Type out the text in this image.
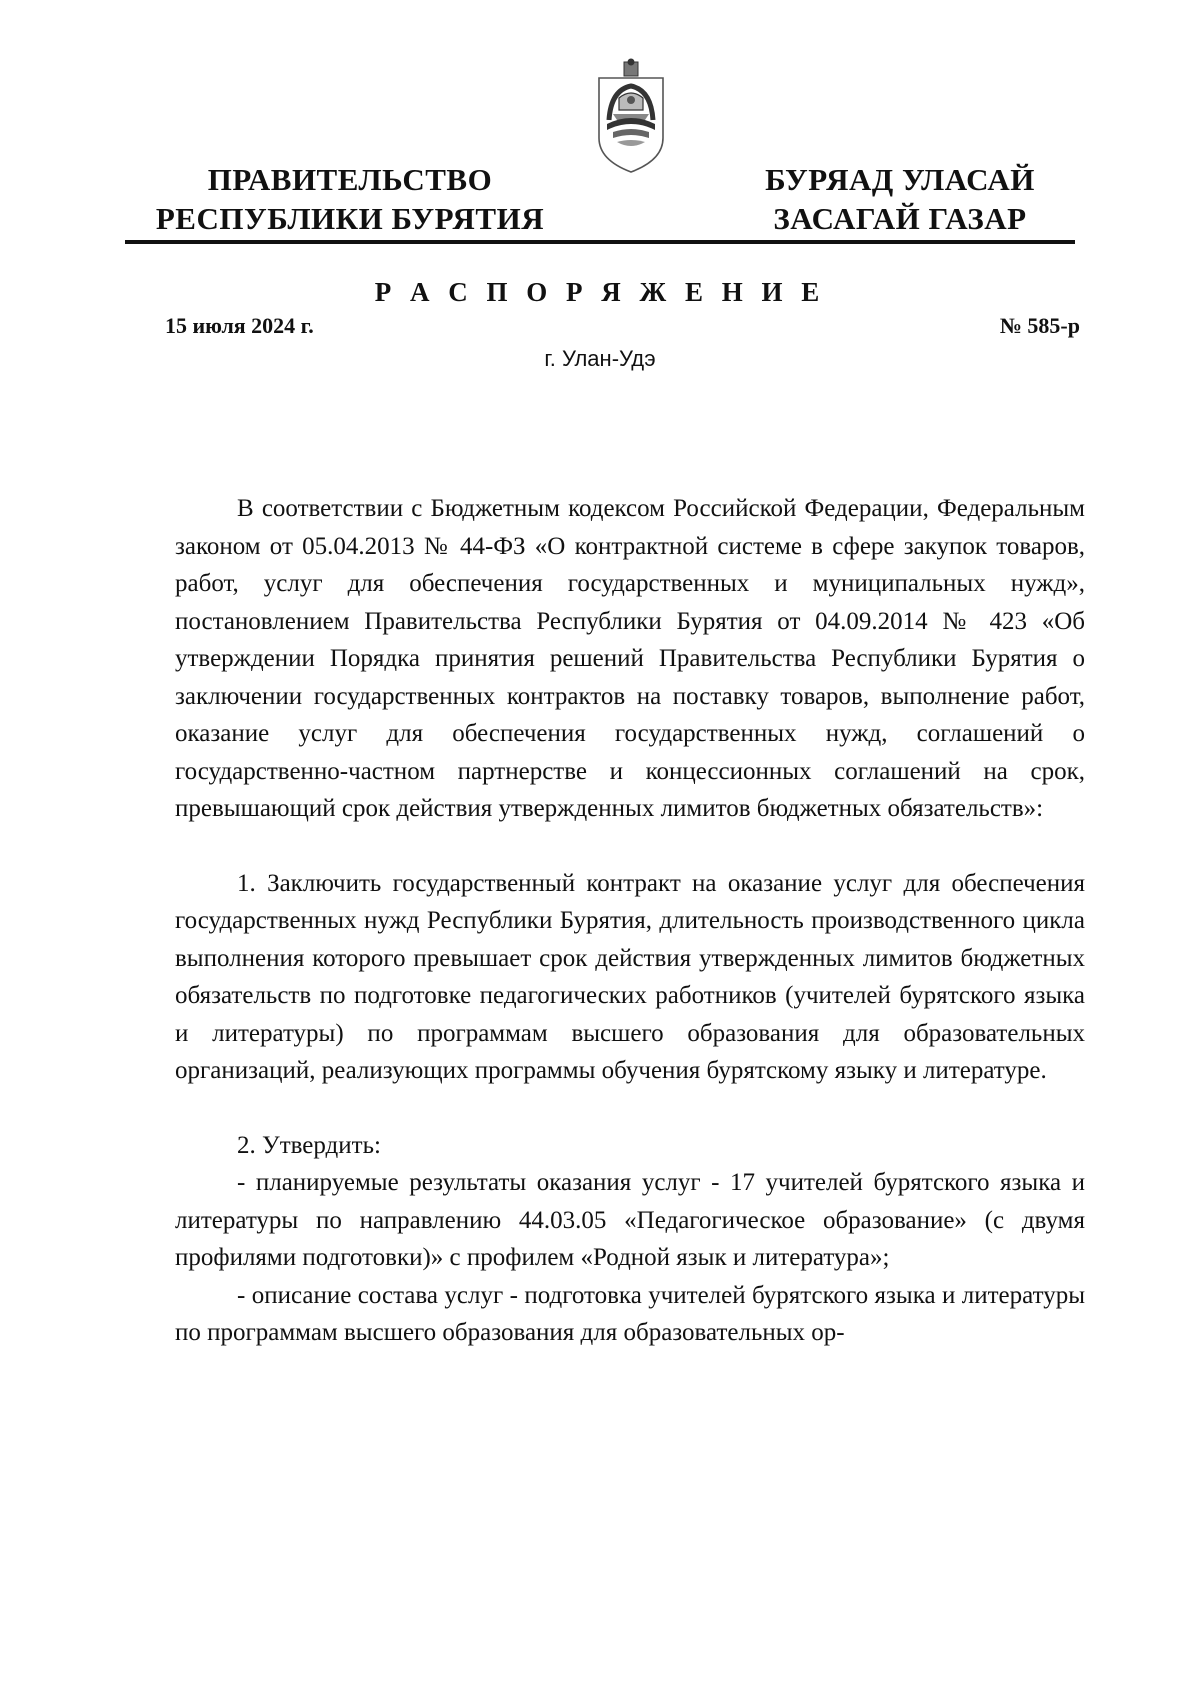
ПРАВИТЕЛЬСТВО
РЕСПУБЛИКИ БУРЯТИЯ
БУРЯАД УЛАСАЙ
ЗАСАГАЙ ГАЗАР
Р А С П О Р Я Ж Е Н И Е
15 июля 2024 г.	№ 585-р
г. Улан-Удэ

В соответствии с Бюджетным кодексом Российской Федерации, Федеральным законом от 05.04.2013 № 44-ФЗ «О контрактной системе в сфере закупок товаров, работ, услуг для обеспечения государственных и муниципальных нужд», постановлением Правительства Республики Бурятия от 04.09.2014 № 423 «Об утверждении Порядка принятия решений Правительства Республики Бурятия о заключении государственных контрактов на поставку товаров, выполнение работ, оказание услуг для обеспечения государственных нужд, соглашений о государственно-частном партнерстве и концессионных соглашений на срок, превышающий срок действия утвержденных лимитов бюджетных обязательств»:

1. Заключить государственный контракт на оказание услуг для обеспечения государственных нужд Республики Бурятия, длительность производственного цикла выполнения которого превышает срок действия утвержденных лимитов бюджетных обязательств по подготовке педагогических работников (учителей бурятского языка и литературы) по программам высшего образования для образовательных организаций, реализующих программы обучения бурятскому языку и литературе.

2. Утвердить:

- планируемые результаты оказания услуг - 17 учителей бурятского языка и литературы по направлению 44.03.05 «Педагогическое образование» (с двумя профилями подготовки)» с профилем «Родной язык и литература»;

- описание состава услуг - подготовка учителей бурятского языка и литературы по программам высшего образования для образовательных ор-
